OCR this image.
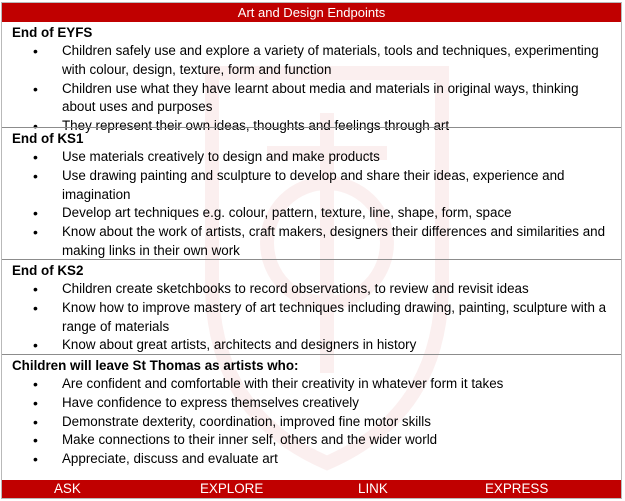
Art and Design Endpoints
End of EYFS
• Children safely use and explore a variety of materials, tools and techniques, experimenting with colour, design, texture, form and function
• Children use what they have learnt about media and materials in original ways, thinking about uses and purposes
• They represent their own ideas, thoughts and feelings through art
End of KS1
• Use materials creatively to design and make products
• Use drawing painting and sculpture to develop and share their ideas, experience and imagination
• Develop art techniques e.g. colour, pattern, texture, line, shape, form, space
• Know about the work of artists, craft makers, designers their differences and similarities and making links in their own work
End of KS2
• Children create sketchbooks to record observations, to review and revisit ideas
• Know how to improve mastery of art techniques including drawing, painting, sculpture with a range of materials
• Know about great artists, architects and designers in history
Children will leave St Thomas as artists who:
• Are confident and comfortable with their creativity in whatever form it takes
• Have confidence to express themselves creatively
• Demonstrate dexterity, coordination, improved fine motor skills
• Make connections to their inner self, others and the wider world
• Appreciate, discuss and evaluate art
ASK	EXPLORE	LINK	EXPRESS
